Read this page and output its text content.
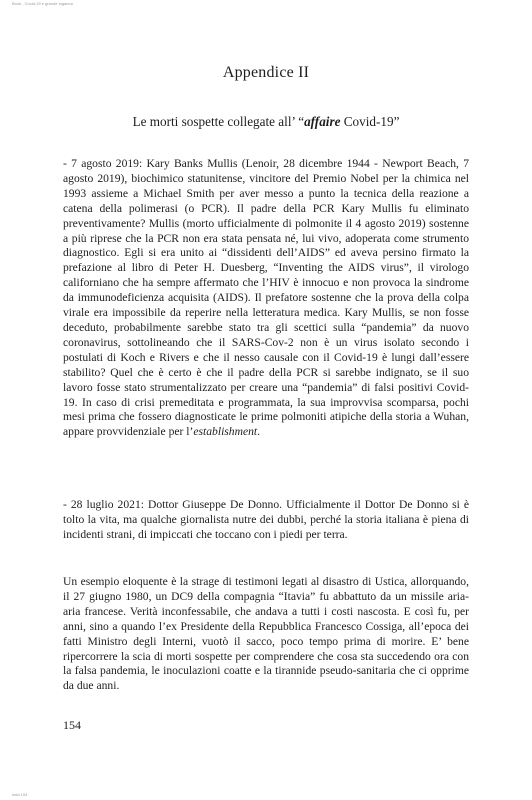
Book - Covid-19 e grande inganno
Appendice II
Le morti sospette collegate all’ “affaire Covid-19”

- 7 agosto 2019: Kary Banks Mullis (Lenoir, 28 dicembre 1944 - Newport Beach, 7 agosto 2019), biochimico statunitense, vincitore del Premio Nobel per la chimica nel 1993 assieme a Michael Smith per aver messo a punto la tecnica della reazione a catena della polimerasi (o PCR). Il padre della PCR Kary Mullis fu eliminato preventivamente? Mullis (morto ufficialmente di polmonite il 4 agosto 2019) sostenne a più riprese che la PCR non era stata pensata né, lui vivo, adoperata come strumento diagnostico. Egli si era unito ai “dissidenti dell’AIDS” ed aveva persino firmato la prefazione al libro di Peter H. Duesberg, “Inventing the AIDS virus”, il virologo californiano che ha sempre affermato che l’HIV è innocuo e non provoca la sindrome da immunodeficienza acquisita (AIDS). Il prefatore sostenne che la prova della colpa virale era impossibile da reperire nella letteratura medica. Kary Mullis, se non fosse deceduto, probabilmente sarebbe stato tra gli scettici sulla “pandemia” da nuovo coronavirus, sottolineando che il SARS-Cov-2 non è un virus isolato secondo i postulati di Koch e Rivers e che il nesso causale con il Covid-19 è lungi dall’essere stabilito? Quel che è certo è che il padre della PCR si sarebbe indignato, se il suo lavoro fosse stato strumentalizzato per creare una “pandemia” di falsi positivi Covid-19. In caso di crisi premeditata e programmata, la sua improvvisa scomparsa, pochi mesi prima che fossero diagnosticate le prime polmoniti atipiche della storia a Wuhan, appare provvidenziale per l’establishment.

- 28 luglio 2021: Dottor Giuseppe De Donno. Ufficialmente il Dottor De Donno si è tolto la vita, ma qualche giornalista nutre dei dubbi, perché la storia italiana è piena di incidenti strani, di impiccati che toccano con i piedi per terra.

Un esempio eloquente è la strage di testimoni legati al disastro di Ustica, allorquando, il 27 giugno 1980, un DC9 della compagnia “Itavia” fu abbattuto da un missile aria-aria francese. Verità inconfessabile, che andava a tutti i costi nascosta. E così fu, per anni, sino a quando l’ex Presidente della Repubblica Francesco Cossiga, all’epoca dei fatti Ministro degli Interni, vuotò il sacco, poco tempo prima di morire. E’ bene ripercorrere la scia di morti sospette per comprendere che cosa sta succedendo ora con la falsa pandemia, le inoculazioni coatte e la tirannide pseudo-sanitaria che ci opprime da due anni.

154
indd 154
